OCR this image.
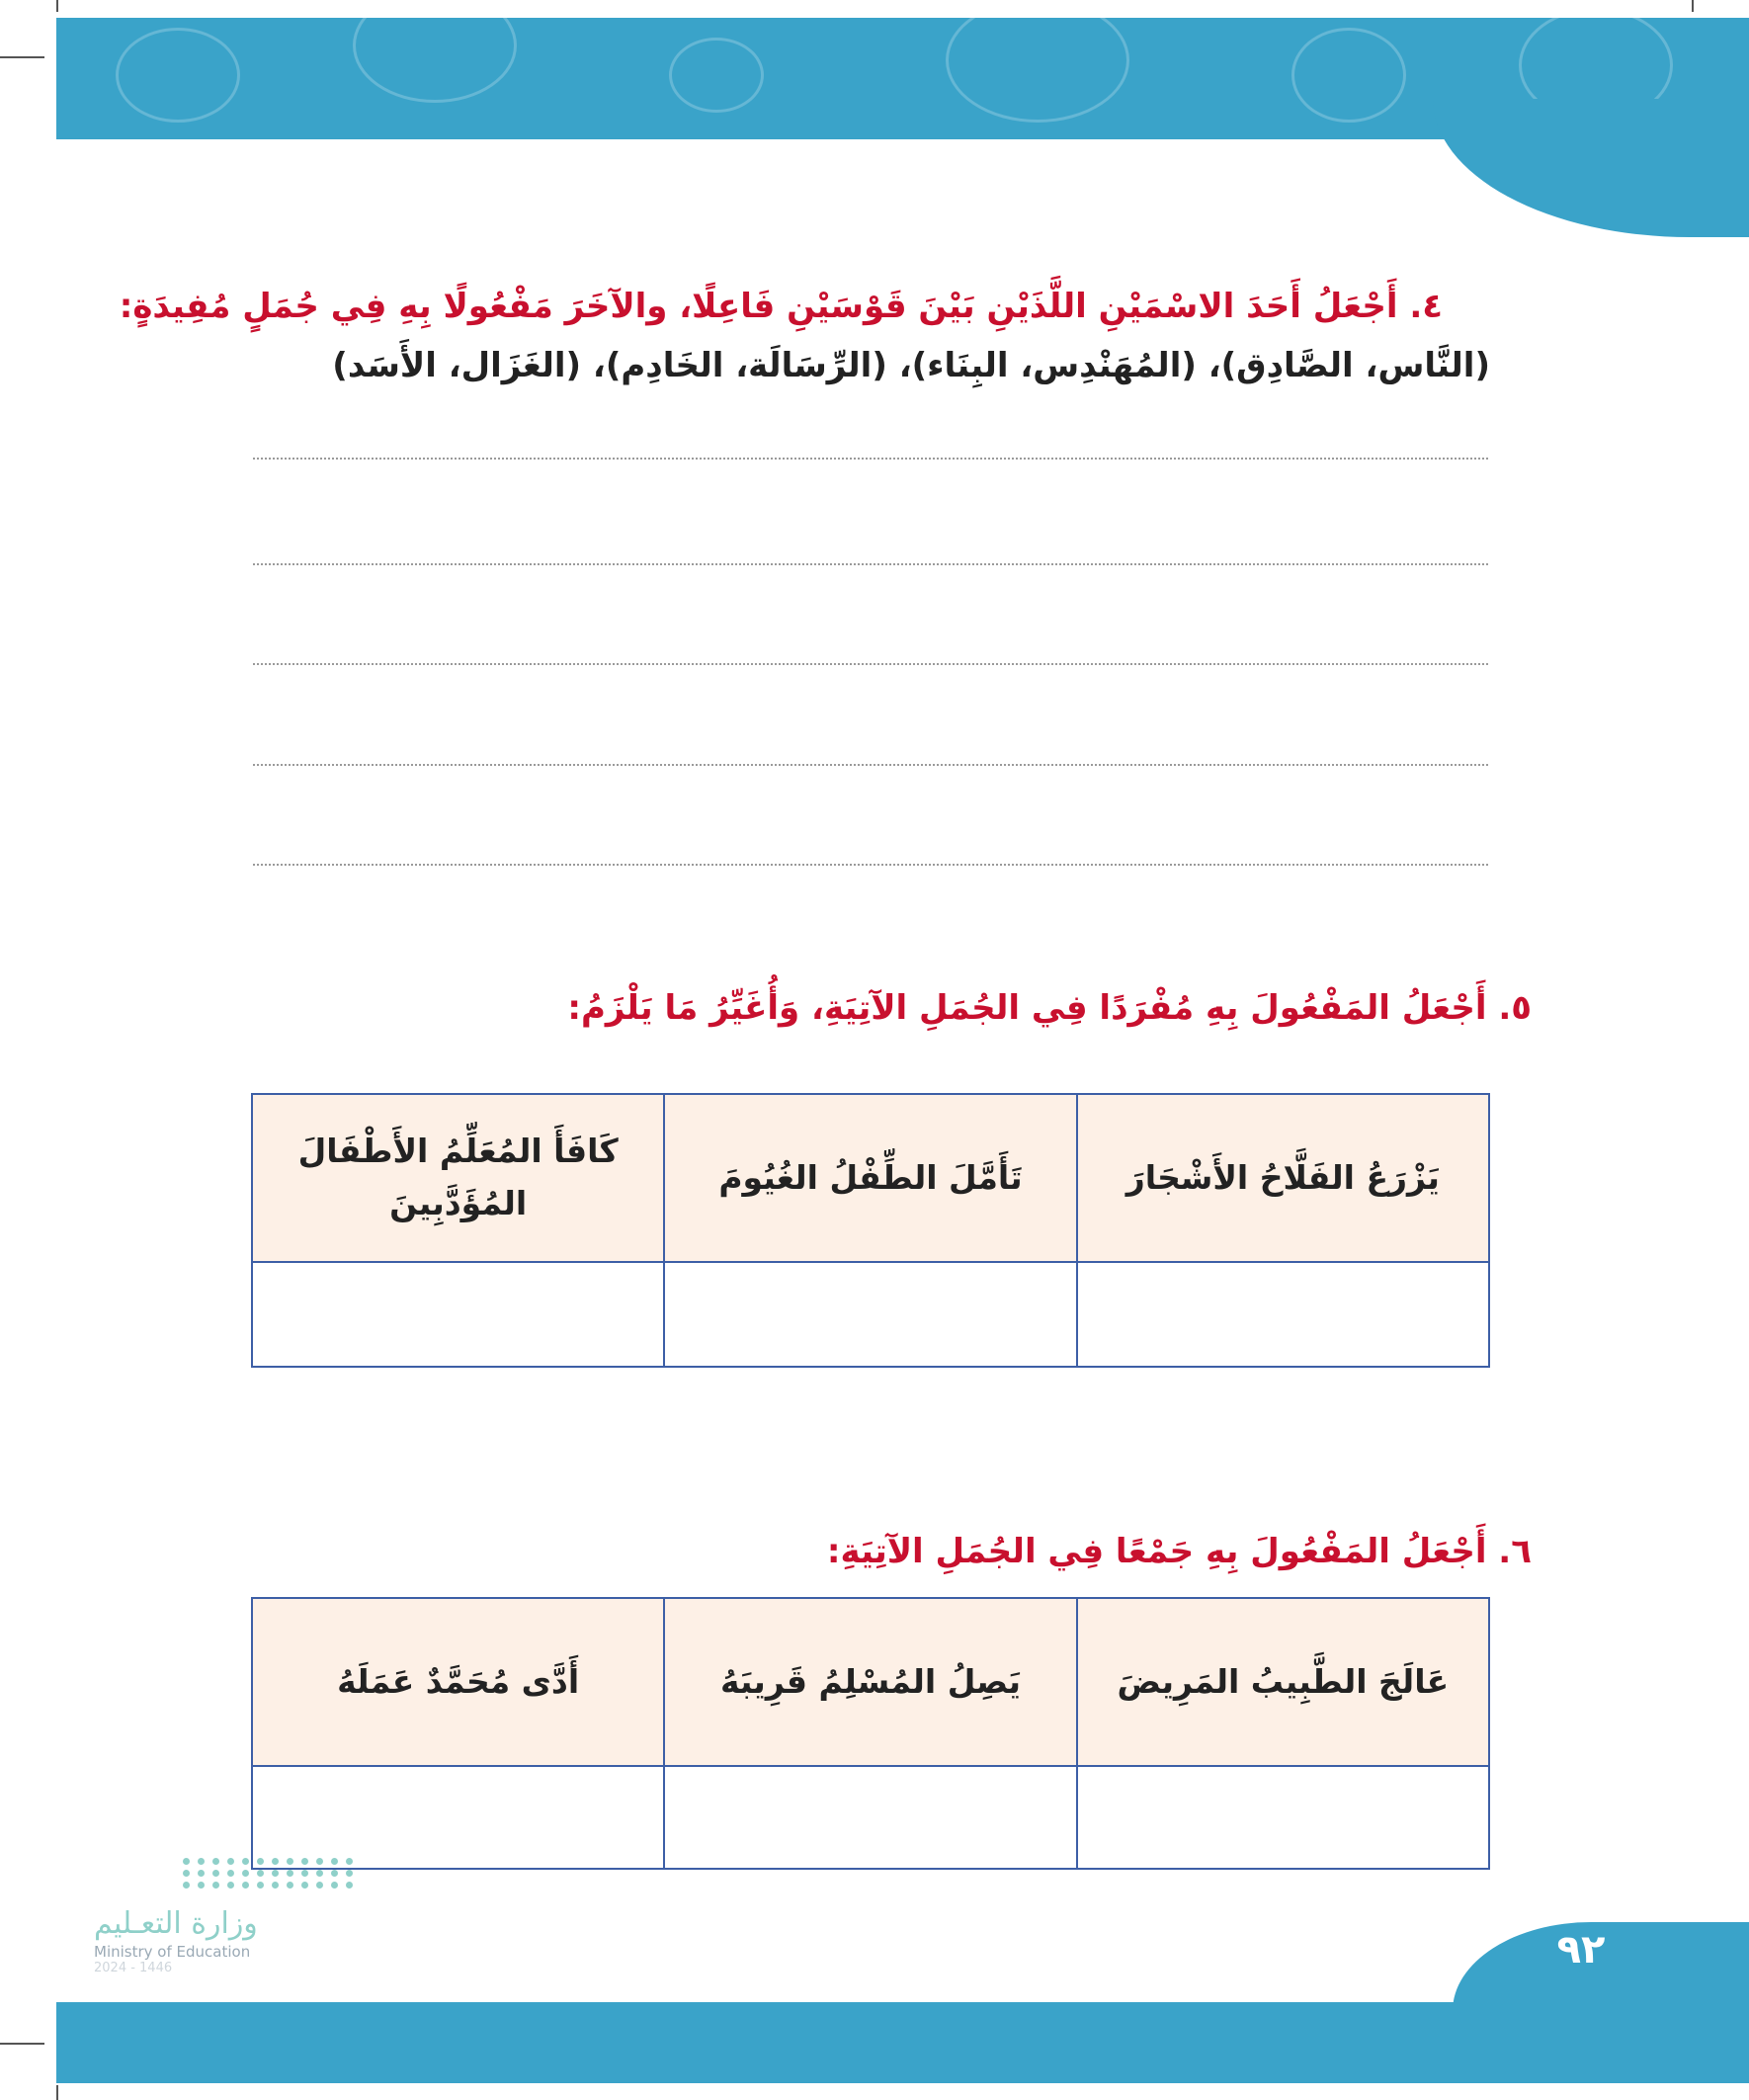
٤. أَجْعَلُ أَحَدَ الاسْمَيْنِ اللَّذَيْنِ بَيْنَ قَوْسَيْنِ فَاعِلًا، والآخَرَ مَفْعُولًا بِهِ فِي جُمَلٍ مُفِيدَةٍ:
(النَّاس، الصَّادِق)، (المُهَنْدِس، البِنَاء)، (الرِّسَالَة، الخَادِم)، (الغَزَال، الأَسَد)
٥. أَجْعَلُ المَفْعُولَ بِهِ مُفْرَدًا فِي الجُمَلِ الآتِيَةِ، وَأُغَيِّرُ مَا يَلْزَمُ:
يَزْرَعُ الفَلَّاحُ الأَشْجَارَ	تَأَمَّلَ الطِّفْلُ الغُيُومَ	كَافَأَ المُعَلِّمُ الأَطْفَالَ المُؤَدَّبِينَ

٦. أَجْعَلُ المَفْعُولَ بِهِ جَمْعًا فِي الجُمَلِ الآتِيَةِ:
عَالَجَ الطَّبِيبُ المَرِيضَ	يَصِلُ المُسْلِمُ قَرِيبَهُ	أَدَّى مُحَمَّدٌ عَمَلَهُ

وزارة التعـليم
Ministry of Education
2024 - 1446	٩٢
